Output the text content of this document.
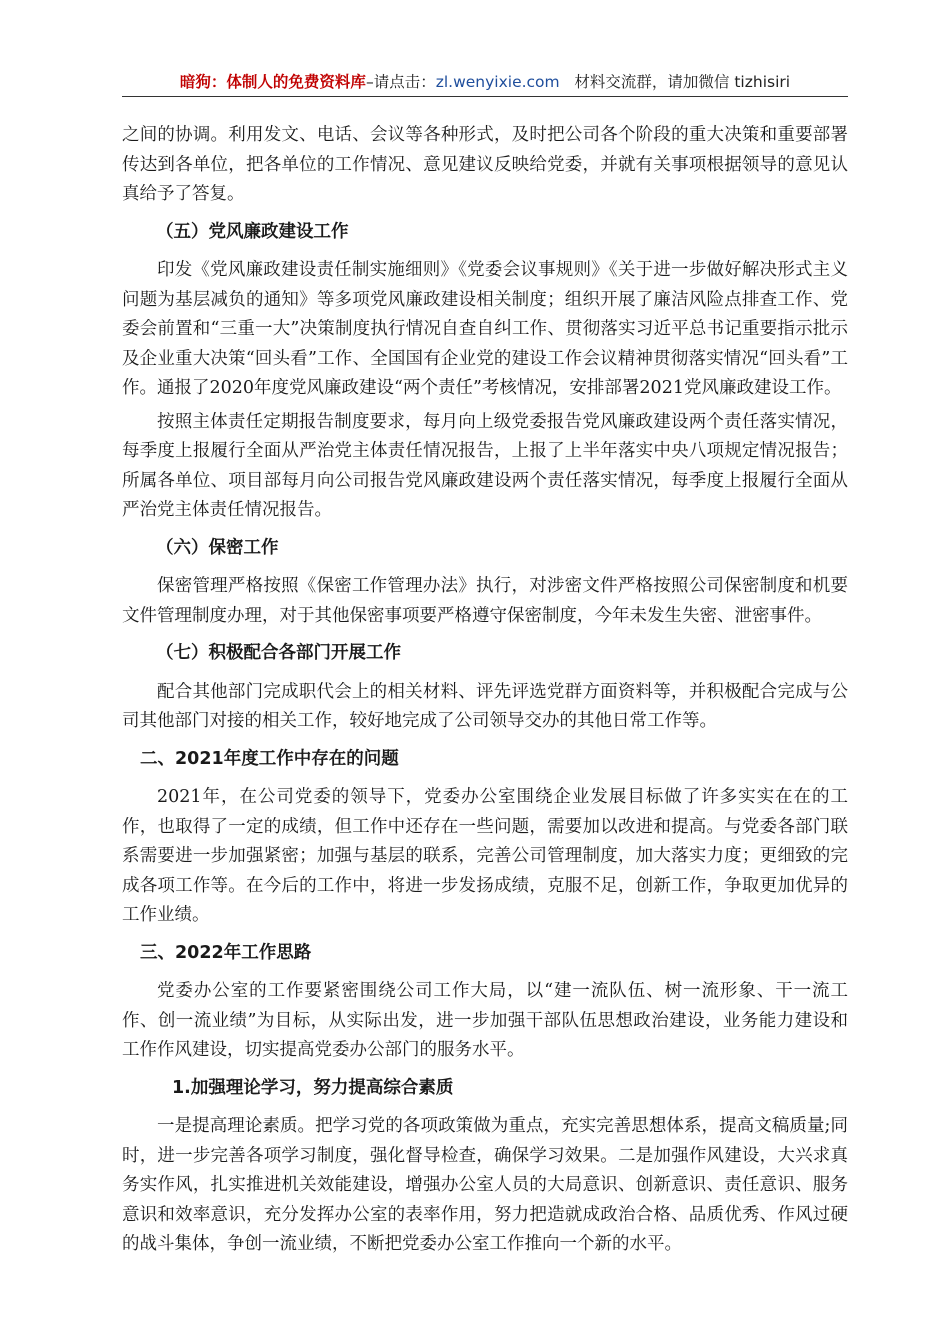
暗狗：体制人的免费资料库–请点击：zl.wenyixie.com 材料交流群，请加微信 tizhisiri

之间的协调。利用发文、电话、会议等各种形式，及时把公司各个阶段的重大决策和重要部署传达到各单位，把各单位的工作情况、意见建议反映给党委，并就有关事项根据领导的意见认真给予了答复。

（五）党风廉政建设工作

印发《党风廉政建设责任制实施细则》《党委会议事规则》《关于进一步做好解决形式主义问题为基层减负的通知》等多项党风廉政建设相关制度；组织开展了廉洁风险点排查工作、党委会前置和“三重一大”决策制度执行情况自查自纠工作、贯彻落实习近平总书记重要指示批示及企业重大决策“回头看”工作、全国国有企业党的建设工作会议精神贯彻落实情况“回头看”工作。通报了2020年度党风廉政建设“两个责任”考核情况，安排部署2021党风廉政建设工作。

按照主体责任定期报告制度要求，每月向上级党委报告党风廉政建设两个责任落实情况，每季度上报履行全面从严治党主体责任情况报告，上报了上半年落实中央八项规定情况报告；所属各单位、项目部每月向公司报告党风廉政建设两个责任落实情况，每季度上报履行全面从严治党主体责任情况报告。

（六）保密工作

保密管理严格按照《保密工作管理办法》执行，对涉密文件严格按照公司保密制度和机要文件管理制度办理，对于其他保密事项要严格遵守保密制度，今年未发生失密、泄密事件。

（七）积极配合各部门开展工作

配合其他部门完成职代会上的相关材料、评先评选党群方面资料等，并积极配合完成与公司其他部门对接的相关工作，较好地完成了公司领导交办的其他日常工作等。

二、2021年度工作中存在的问题

2021年，在公司党委的领导下，党委办公室围绕企业发展目标做了许多实实在在的工作，也取得了一定的成绩，但工作中还存在一些问题，需要加以改进和提高。与党委各部门联系需要进一步加强紧密；加强与基层的联系，完善公司管理制度，加大落实力度；更细致的完成各项工作等。在今后的工作中，将进一步发扬成绩，克服不足，创新工作，争取更加优异的工作业绩。

三、2022年工作思路

党委办公室的工作要紧密围绕公司工作大局，以“建一流队伍、树一流形象、干一流工作、创一流业绩”为目标，从实际出发，进一步加强干部队伍思想政治建设，业务能力建设和工作作风建设，切实提高党委办公部门的服务水平。

1.加强理论学习，努力提高综合素质

一是提高理论素质。把学习党的各项政策做为重点，充实完善思想体系，提高文稿质量;同时，进一步完善各项学习制度，强化督导检查，确保学习效果。二是加强作风建设，大兴求真务实作风，扎实推进机关效能建设，增强办公室人员的大局意识、创新意识、责任意识、服务意识和效率意识，充分发挥办公室的表率作用，努力把造就成政治合格、品质优秀、作风过硬的战斗集体，争创一流业绩，不断把党委办公室工作推向一个新的水平。
